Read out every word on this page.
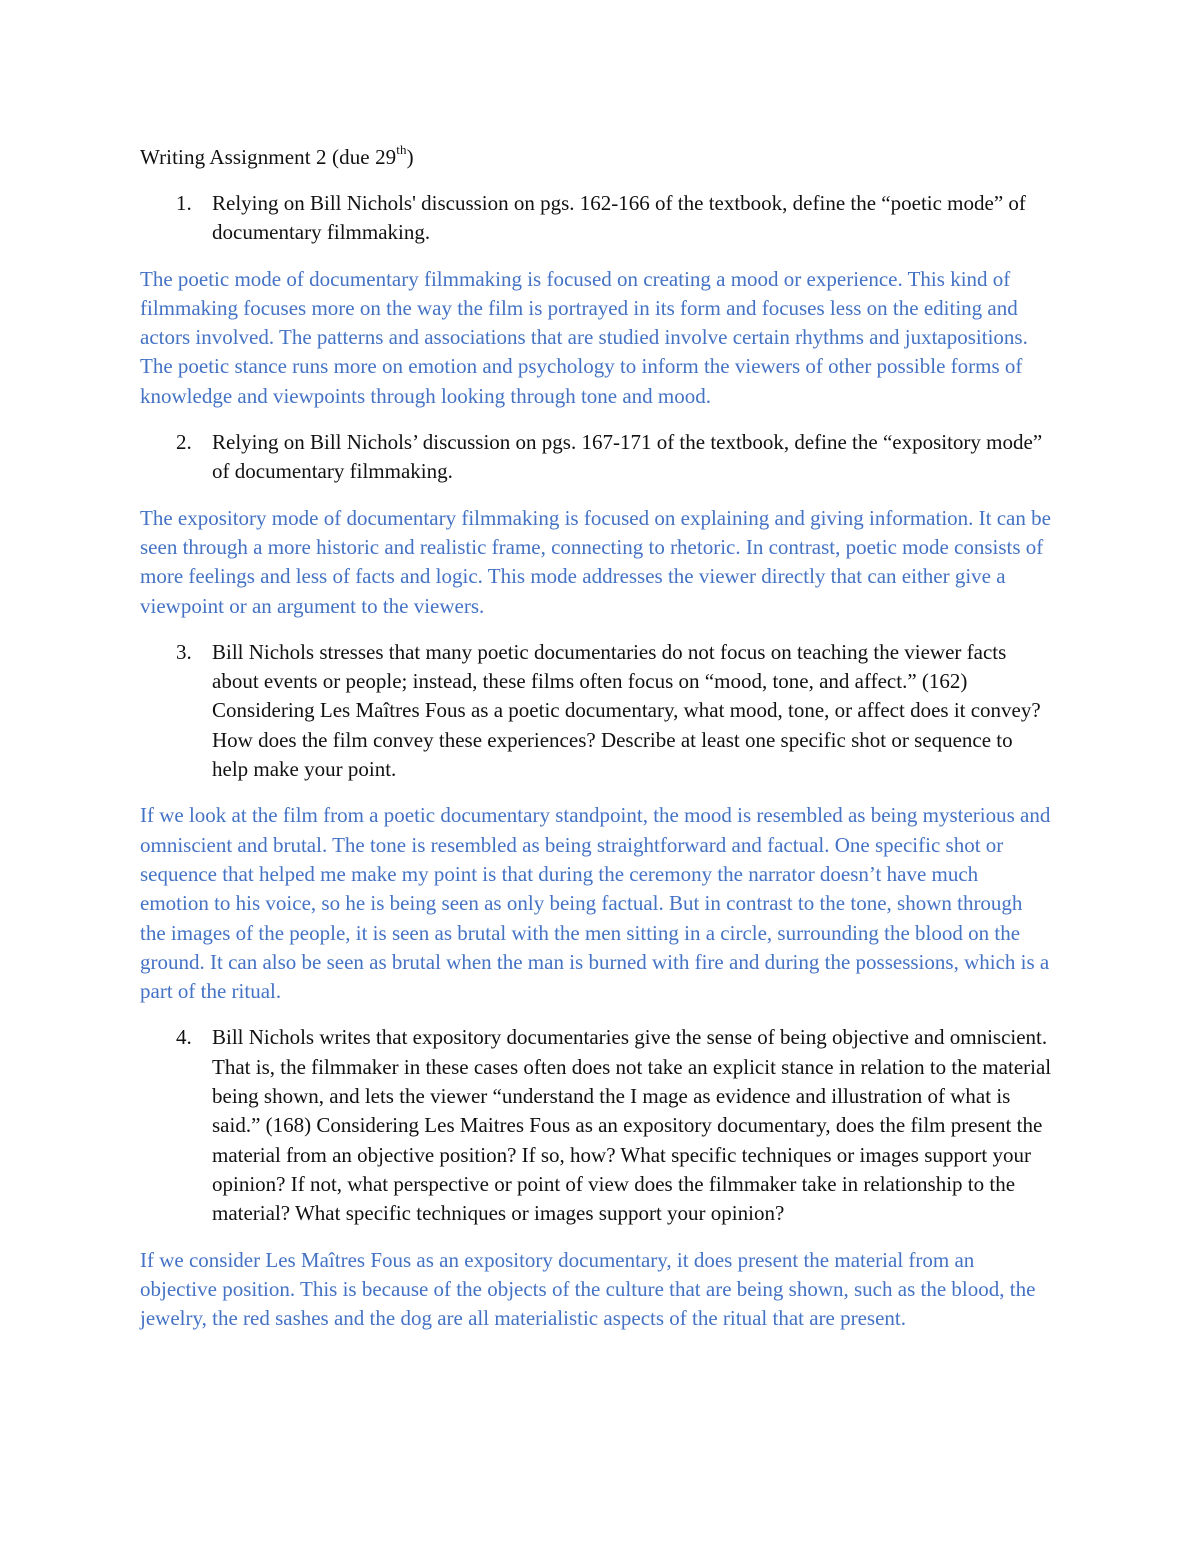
Writing Assignment 2 (due 29th)
1. Relying on Bill Nichols' discussion on pgs. 162-166 of the textbook, define the “poetic mode” of documentary filmmaking.

The poetic mode of documentary filmmaking is focused on creating a mood or experience. This kind of filmmaking focuses more on the way the film is portrayed in its form and focuses less on the editing and actors involved. The patterns and associations that are studied involve certain rhythms and juxtapositions. The poetic stance runs more on emotion and psychology to inform the viewers of other possible forms of knowledge and viewpoints through looking through tone and mood.

2. Relying on Bill Nichols’ discussion on pgs. 167-171 of the textbook, define the “expository mode” of documentary filmmaking.

The expository mode of documentary filmmaking is focused on explaining and giving information. It can be seen through a more historic and realistic frame, connecting to rhetoric. In contrast, poetic mode consists of more feelings and less of facts and logic. This mode addresses the viewer directly that can either give a viewpoint or an argument to the viewers.

3. Bill Nichols stresses that many poetic documentaries do not focus on teaching the viewer facts about events or people; instead, these films often focus on “mood, tone, and affect.” (162) Considering Les Maîtres Fous as a poetic documentary, what mood, tone, or affect does it convey? How does the film convey these experiences? Describe at least one specific shot or sequence to help make your point.

If we look at the film from a poetic documentary standpoint, the mood is resembled as being mysterious and omniscient and brutal. The tone is resembled as being straightforward and factual. One specific shot or sequence that helped me make my point is that during the ceremony the narrator doesn’t have much emotion to his voice, so he is being seen as only being factual. But in contrast to the tone, shown through the images of the people, it is seen as brutal with the men sitting in a circle, surrounding the blood on the ground. It can also be seen as brutal when the man is burned with fire and during the possessions, which is a part of the ritual.

4. Bill Nichols writes that expository documentaries give the sense of being objective and omniscient. That is, the filmmaker in these cases often does not take an explicit stance in relation to the material being shown, and lets the viewer “understand the I mage as evidence and illustration of what is said.” (168) Considering Les Maitres Fous as an expository documentary, does the film present the material from an objective position? If so, how? What specific techniques or images support your opinion? If not, what perspective or point of view does the filmmaker take in relationship to the material? What specific techniques or images support your opinion?

If we consider Les Maîtres Fous as an expository documentary, it does present the material from an objective position. This is because of the objects of the culture that are being shown, such as the blood, the jewelry, the red sashes and the dog are all materialistic aspects of the ritual that are present.
